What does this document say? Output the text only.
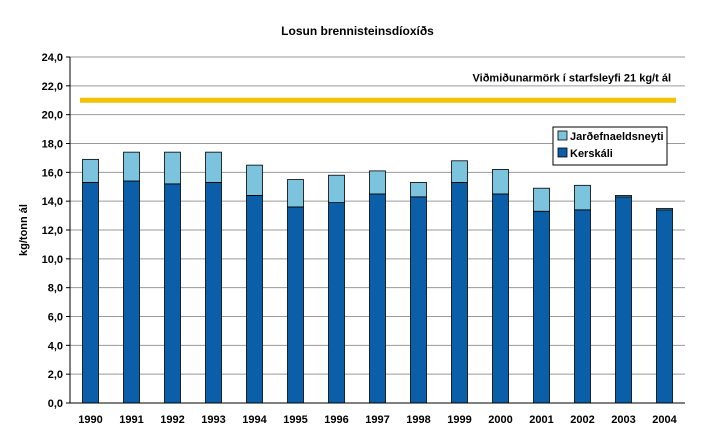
Losun brennisteinsdíoxíðs
0,0
2,0
4,0
6,0
8,0
10,0
12,0
14,0
16,0
18,0
20,0
22,0
24,0
1990 1991 1992 1993 1994 1995 1996 1997 1998 1999 2000 2001 2002 2003 2004
Viðmiðunarmörk í starfsleyfi 21 kg/t ál
kg/tonn ál
Jarðefnaeldsneyti
Kerskáli
